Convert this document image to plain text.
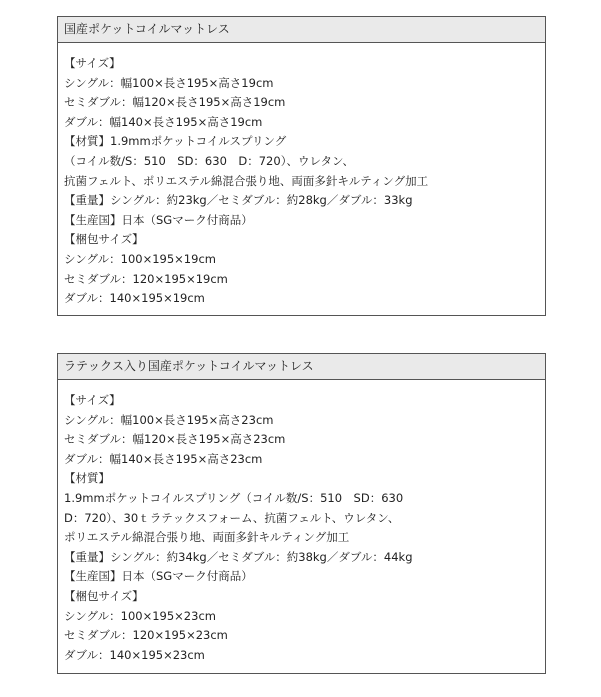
国産ポケットコイルマットレス
【サイズ】
シングル：幅100×長さ195×高さ19cm
セミダブル：幅120×長さ195×高さ19cm
ダブル：幅140×長さ195×高さ19cm
【材質】1.9mmポケットコイルスプリング
（コイル数/S：510　SD：630　D：720）、ウレタン、
抗菌フェルト、ポリエステル綿混合張り地、両面多針キルティング加工
【重量】シングル：約23kg／セミダブル：約28kg／ダブル：33kg
【生産国】日本（SGマーク付商品）
【梱包サイズ】
シングル：100×195×19cm
セミダブル：120×195×19cm
ダブル：140×195×19cm
ラテックス入り国産ポケットコイルマットレス
【サイズ】
シングル：幅100×長さ195×高さ23cm
セミダブル：幅120×長さ195×高さ23cm
ダブル：幅140×長さ195×高さ23cm
【材質】
1.9mmポケットコイルスプリング（コイル数/S：510　SD：630
D：720）、30ｔラテックスフォーム、抗菌フェルト、ウレタン、
ポリエステル綿混合張り地、両面多針キルティング加工
【重量】シングル：約34kg／セミダブル：約38kg／ダブル：44kg
【生産国】日本（SGマーク付商品）
【梱包サイズ】
シングル：100×195×23cm
セミダブル：120×195×23cm
ダブル：140×195×23cm
